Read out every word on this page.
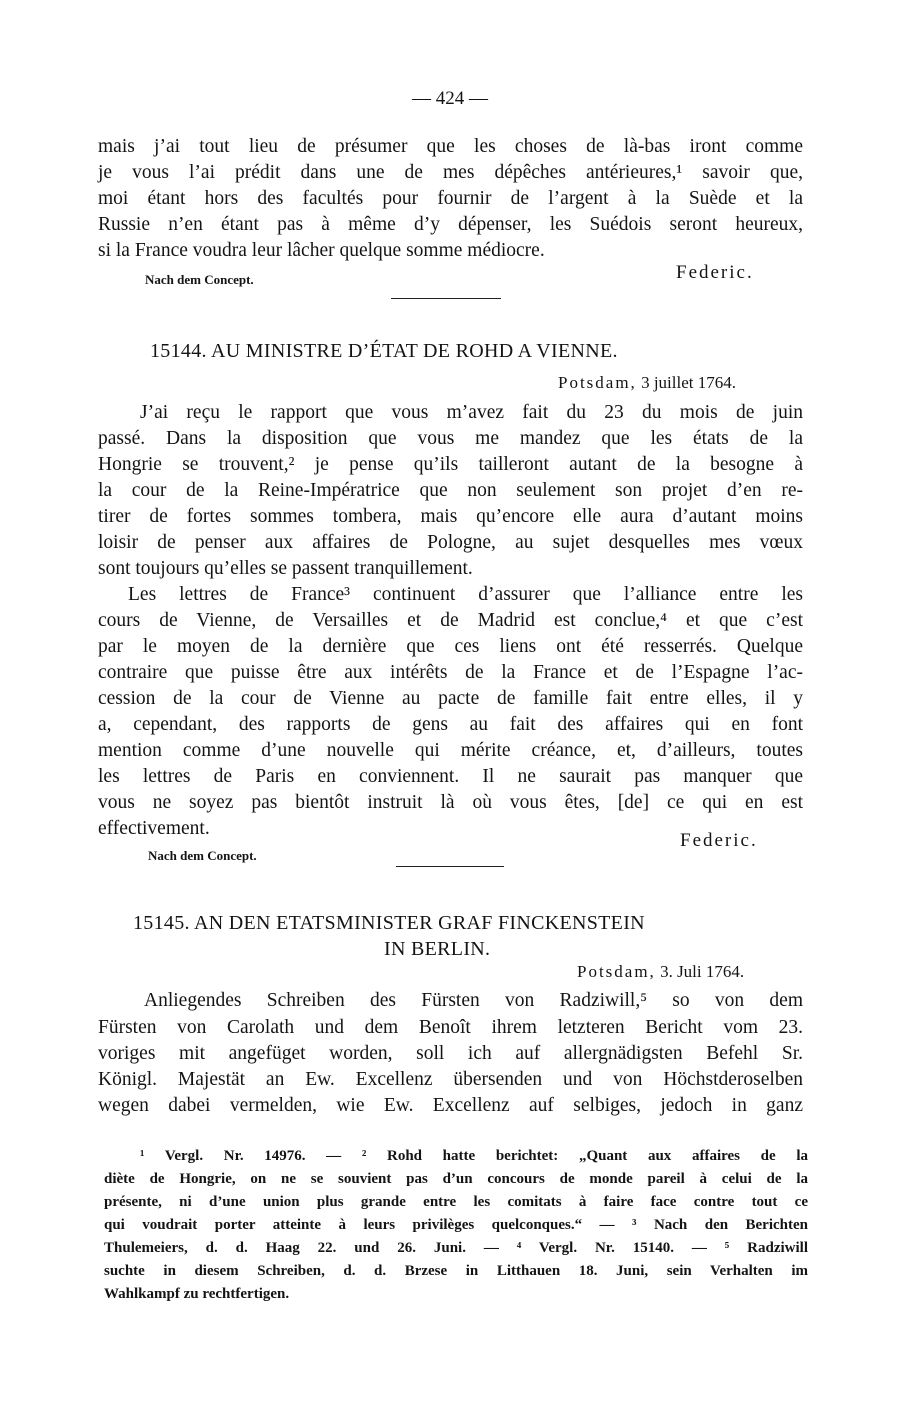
— 424 —
mais j’ai tout lieu de présumer que les choses de là-bas iront comme
je vous l’ai prédit dans une de mes dépêches antérieures,¹ savoir que,
moi étant hors des facultés pour fournir de l’argent à la Suède et la
Russie n’en étant pas à même d’y dépenser, les Suédois seront heureux,
si la France voudra leur lâcher quelque somme médiocre.
Nach dem Concept.	Federic.
15144. AU MINISTRE D’ÉTAT DE ROHD A VIENNE.
Potsdam, 3 juillet 1764.
J’ai reçu le rapport que vous m’avez fait du 23 du mois de juin
passé. Dans la disposition que vous me mandez que les états de la
Hongrie se trouvent,² je pense qu’ils tailleront autant de la besogne à
la cour de la Reine-Impératrice que non seulement son projet d’en re-
tirer de fortes sommes tombera, mais qu’encore elle aura d’autant moins
loisir de penser aux affaires de Pologne, au sujet desquelles mes vœux
sont toujours qu’elles se passent tranquillement.
Les lettres de France³ continuent d’assurer que l’alliance entre les
cours de Vienne, de Versailles et de Madrid est conclue,⁴ et que c’est
par le moyen de la dernière que ces liens ont été resserrés. Quelque
contraire que puisse être aux intérêts de la France et de l’Espagne l’ac-
cession de la cour de Vienne au pacte de famille fait entre elles, il y
a, cependant, des rapports de gens au fait des affaires qui en font
mention comme d’une nouvelle qui mérite créance, et, d’ailleurs, toutes
les lettres de Paris en conviennent. Il ne saurait pas manquer que
vous ne soyez pas bientôt instruit là où vous êtes, [de] ce qui en est
effectivement.
Federic.
Nach dem Concept.
15145. AN DEN ETATSMINISTER GRAF FINCKENSTEIN
IN BERLIN.
Potsdam, 3. Juli 1764.
Anliegendes Schreiben des Fürsten von Radziwill,⁵ so von dem
Fürsten von Carolath und dem Benoît ihrem letzteren Bericht vom 23.
voriges mit angefüget worden, soll ich auf allergnädigsten Befehl Sr.
Königl. Majestät an Ew. Excellenz übersenden und von Höchstderoselben
wegen dabei vermelden, wie Ew. Excellenz auf selbiges, jedoch in ganz
¹ Vergl. Nr. 14976. — ² Rohd hatte berichtet: „Quant aux affaires de la
diète de Hongrie, on ne se souvient pas d’un concours de monde pareil à celui de la
présente, ni d’une union plus grande entre les comitats à faire face contre tout ce
qui voudrait porter atteinte à leurs privilèges quelconques.“ — ³ Nach den Berichten
Thulemeiers, d. d. Haag 22. und 26. Juni. — ⁴ Vergl. Nr. 15140. — ⁵ Radziwill
suchte in diesem Schreiben, d. d. Brzese in Litthauen 18. Juni, sein Verhalten im
Wahlkampf zu rechtfertigen.
